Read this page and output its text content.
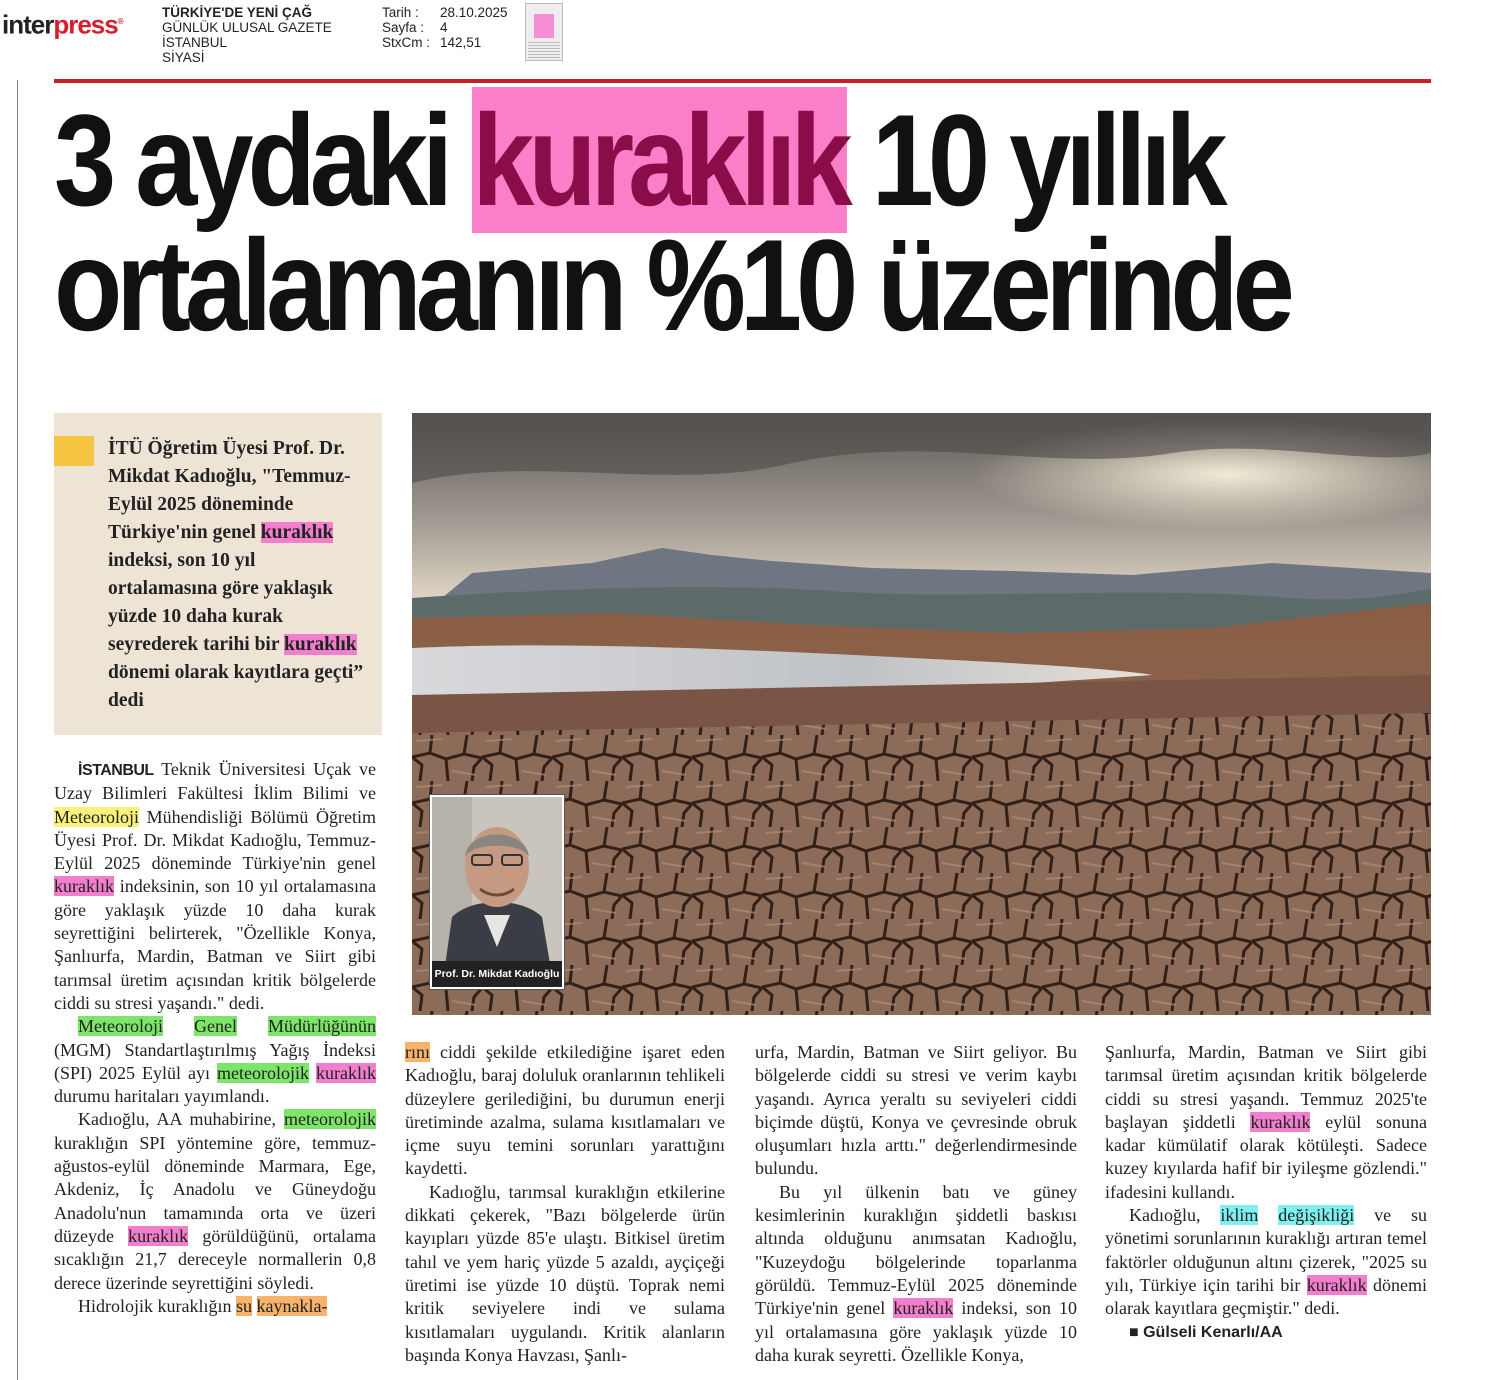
interpress®
TÜRKİYE'DE YENİ ÇAĞ
GÜNLÜK ULUSAL GAZETE
İSTANBUL
SİYASİ
Tarih :	28.10.2025
Sayfa :	4
StxCm : 142,51
3 aydaki kuraklık 10 yıllık
ortalamanın %10 üzerinde
İTÜ Öğretim Üyesi Prof. Dr. Mikdat Kadıoğlu, "Temmuz-Eylül 2025 döneminde Türkiye'nin genel kuraklık indeksi, son 10 yıl ortalamasına göre yaklaşık yüzde 10 daha kurak seyrederek tarihi bir kuraklık dönemi olarak kayıtlara geçti” dedi
Prof. Dr. Mikdat Kadıoğlu

İSTANBUL Teknik Üniversitesi Uçak ve Uzay Bilimleri Fakültesi İklim Bilimi ve Meteoroloji Mühendisliği Bölümü Öğretim Üyesi Prof. Dr. Mikdat Kadıoğlu, Temmuz-Eylül 2025 döneminde Türkiye'nin genel kuraklık indeksinin, son 10 yıl ortalamasına göre yaklaşık yüzde 10 daha kurak seyrettiğini belirterek, "Özellikle Konya, Şanlıurfa, Mardin, Batman ve Siirt gibi tarımsal üretim açısından kritik bölgelerde ciddi su stresi yaşandı." dedi.

Meteoroloji Genel Müdürlüğünün (MGM) Standartlaştırılmış Yağış İndeksi (SPI) 2025 Eylül ayı meteorolojik kuraklık durumu haritaları yayımlandı.

Kadıoğlu, AA muhabirine, meteorolojik kuraklığın SPI yöntemine göre, temmuz-ağustos-eylül döneminde Marmara, Ege, Akdeniz, İç Anadolu ve Güneydoğu Anadolu'nun tamamında orta ve üzeri düzeyde kuraklık görüldüğünü, ortalama sıcaklığın 21,7 dereceyle normallerin 0,8 derece üzerinde seyrettiğini söyledi.

Hidrolojik kuraklığın su kaynakla-

rını ciddi şekilde etkilediğine işaret eden Kadıoğlu, baraj doluluk oranlarının tehlikeli düzeylere gerilediğini, bu durumun enerji üretiminde azalma, sulama kısıtlamaları ve içme suyu temini sorunları yarattığını kaydetti.

Kadıoğlu, tarımsal kuraklığın etkilerine dikkati çekerek, "Bazı bölgelerde ürün kayıpları yüzde 85'e ulaştı. Bitkisel üretim tahıl ve yem hariç yüzde 5 azaldı, ayçiçeği üretimi ise yüzde 10 düştü. Toprak nemi kritik seviyelere indi ve sulama kısıtlamaları uygulandı. Kritik alanların başında Konya Havzası, Şanlı-

urfa, Mardin, Batman ve Siirt geliyor. Bu bölgelerde ciddi su stresi ve verim kaybı yaşandı. Ayrıca yeraltı su seviyeleri ciddi biçimde düştü, Konya ve çevresinde obruk oluşumları hızla arttı." değerlendirmesinde bulundu.

Bu yıl ülkenin batı ve güney kesimlerinin kuraklığın şiddetli baskısı altında olduğunu anımsatan Kadıoğlu, "Kuzeydoğu bölgelerinde toparlanma görüldü. Temmuz-Eylül 2025 döneminde Türkiye'nin genel kuraklık indeksi, son 10 yıl ortalamasına göre yaklaşık yüzde 10 daha kurak seyretti. Özellikle Konya,

Şanlıurfa, Mardin, Batman ve Siirt gibi tarımsal üretim açısından kritik bölgelerde ciddi su stresi yaşandı. Temmuz 2025'te başlayan şiddetli kuraklık eylül sonuna kadar kümülatif olarak kötüleşti. Sadece kuzey kıyılarda hafif bir iyileşme gözlendi." ifadesini kullandı.

Kadıoğlu, iklim değişikliği ve su yönetimi sorunlarının kuraklığı artıran temel faktörler olduğunun altını çizerek, "2025 su yılı, Türkiye için tarihi bir kuraklık dönemi olarak kayıtlara geçmiştir." dedi.

■ Gülseli Kenarlı/AA
